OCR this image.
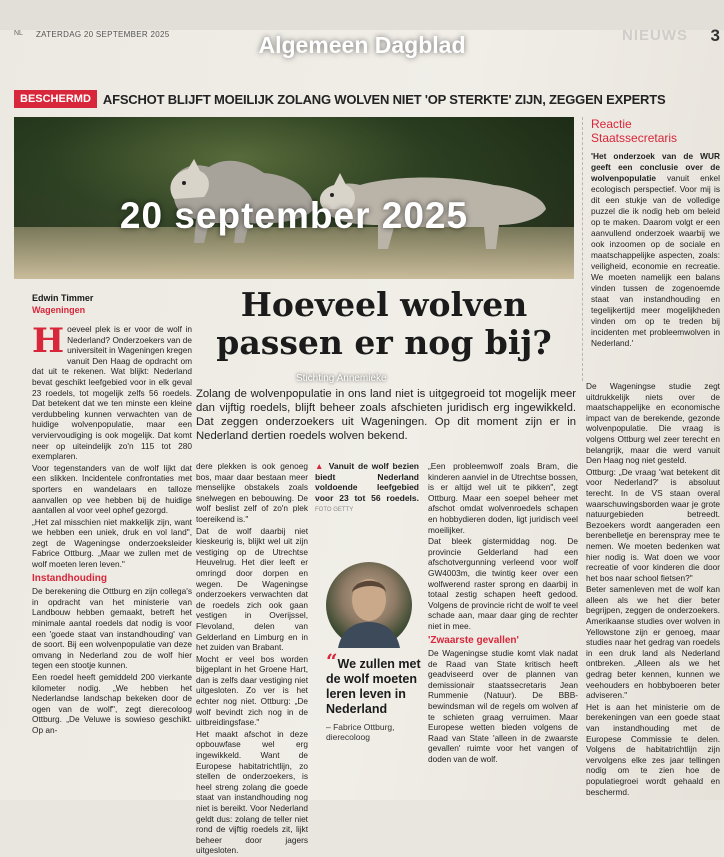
NL ZATERDAG 20 SEPTEMBER 2025	NIEUWS 3
Algemeen Dagblad
BESCHERMD AFSCHOT BLIJFT MOEILIJK ZOLANG WOLVEN NIET 'OP STERKTE' ZIJN, ZEGGEN EXPERTS
20 september 2025
Reactie
Staatssecretaris
'Het onderzoek van de WUR geeft een conclusie over de wolvenpopulatie vanuit enkel ecologisch perspectief. Voor mij is dit een stukje van de volledige puzzel die ik nodig heb om beleid op te maken. Daarom volgt er een aanvullend onderzoek waarbij we ook inzoomen op de sociale en maatschappelijke aspecten, zoals: veiligheid, economie en recreatie. We moeten namelijk een balans vinden tussen de zogenoemde staat van instandhouding en tegelijkertijd meer mogelijkheden vinden om op te treden bij incidenten met probleemwolven in Nederland.'
Edwin Timmer
Wageningen	Hoeveel wolven passen er nog bij?
Stichting Annemieke
Zolang de wolvenpopulatie in ons land niet is uitgegroeid tot mogelijk meer dan vijftig roedels, blijft beheer zoals afschieten juridisch erg ingewikkeld. Dat zeggen onderzoekers uit Wageningen. Op dit moment zijn er in Nederland dertien roedels wolven bekend.

Hoeveel plek is er voor de wolf in Nederland? Onderzoekers van de universiteit in Wageningen kregen vanuit Den Haag de opdracht om dat uit te rekenen. Wat blijkt: Nederland bevat geschikt leefgebied voor in elk geval 23 roedels, tot mogelijk zelfs 56 roedels. Dat betekent dat we ten minste een kleine verdubbeling kunnen verwachten van de huidige wolvenpopulatie, maar een verviervoudiging is ook mogelijk. Dat komt neer op uiteindelijk zo'n 115 tot 280 exemplaren.

Voor tegenstanders van de wolf lijkt dat een slikken. Incidentele confrontaties met sporters en wandelaars en talloze aanvallen op vee hebben bij de huidige aantallen al voor veel ophef gezorgd.

„Het zal misschien niet makkelijk zijn, want we hebben een uniek, druk en vol land", zegt de Wageningse onderzoeksleider Fabrice Ottburg. „Maar we zullen met de wolf moeten leren leven."

Instandhouding

De berekening die Ottburg en zijn collega's in opdracht van het ministerie van Landbouw hebben gemaakt, betreft het minimale aantal roedels dat nodig is voor een 'goede staat van instandhouding' van de soort. Bij een wolvenpopulatie van deze omvang in Nederland zou de wolf hier tegen een stootje kunnen.

Een roedel heeft gemiddeld 200 vierkante kilometer nodig. „We hebben het Nederlandse landschap bekeken door de ogen van de wolf", zegt dierecoloog Ottburg. „De Veluwe is sowieso geschikt. Op an-

dere plekken is ook genoeg bos, maar daar bestaan meer menselijke obstakels zoals snelwegen en bebouwing. De wolf beslist zelf of zo'n plek toereikend is."

Dat de wolf daarbij niet kieskeurig is, blijkt wel uit zijn vestiging op de Utrechtse Heuvelrug. Het dier leeft er omringd door dorpen en wegen. De Wageningse onderzoekers verwachten dat de roedels zich ook gaan vestigen in Overijssel, Flevoland, delen van Gelderland en Limburg en in het zuiden van Brabant.

Mocht er veel bos worden bijgeplant in het Groene Hart, dan is zelfs daar vestiging niet uitgesloten. Zo ver is het echter nog niet. Ottburg: „De wolf bevindt zich nog in de uitbreidingsfase."

Het maakt afschot in deze opbouwfase wel erg ingewikkeld. Want de Europese habitatrichtlijn, zo stellen de onderzoekers, is heel streng zolang die goede staat van instandhouding nog niet is bereikt. Voor Nederland geldt dus: zolang de teller niet rond de vijftig roedels zit, lijkt beheer door jagers uitgesloten.

▲ Vanuit de wolf bezien biedt Nederland voldoende leefgebied voor 23 tot 56 roedels. FOTO GETTY
“We zullen met de wolf moeten leren leven in Nederland
– Fabrice Ottburg, dierecoloog

„Een probleemwolf zoals Bram, die kinderen aanviel in de Utrechtse bossen, is er altijd wel uit te pikken", zegt Ottburg. Maar een soepel beheer met afschot omdat wolvenroedels schapen en hobbydieren doden, ligt juridisch veel moeilijker.

Dat bleek gistermiddag nog. De provincie Gelderland had een afschotvergunning verleend voor wolf GW4003m, die twintig keer over een wolfwerend raster sprong en daarbij in totaal zestig schapen heeft gedood. Volgens de provincie richt de wolf te veel schade aan, maar daar ging de rechter niet in mee.

'Zwaarste gevallen'

De Wageningse studie komt vlak nadat de Raad van State kritisch heeft geadviseerd over de plannen van demissionair staatssecretaris Jean Rummenie (Natuur). De BBB-bewindsman wil de regels om wolven af te schieten graag verruimen. Maar Europese wetten bieden volgens de Raad van State 'alleen in de zwaarste gevallen' ruimte voor het vangen of doden van de wolf.

De Wageningse studie zegt uitdrukkelijk niets over de maatschappelijke en economische impact van de berekende, gezonde wolvenpopulatie. Die vraag is volgens Ottburg wel zeer terecht en belangrijk, maar die werd vanuit Den Haag nog niet gesteld.

Ottburg: „De vraag 'wat betekent dit voor Nederland?' is absoluut terecht. In de VS staan overal waarschuwingsborden waar je grote natuurgebieden betreedt. Bezoekers wordt aangeraden een berenbelletje en berenspray mee te nemen. We moeten bedenken wat hier nodig is. Wat doen we voor recreatie of voor kinderen die door het bos naar school fietsen?"

Beter samenleven met de wolf kan alleen als we het dier beter begrijpen, zeggen de onderzoekers. Amerikaanse studies over wolven in Yellowstone zijn er genoeg, maar studies naar het gedrag van roedels in een druk land als Nederland ontbreken. „Alleen als we het gedrag beter kennen, kunnen we veehouders en hobbyboeren beter adviseren."

Het is aan het ministerie om de berekeningen van een goede staat van instandhouding met de Europese Commissie te delen. Volgens de habitatrichtlijn zijn vervolgens elke zes jaar tellingen nodig om te zien hoe de populatiegroei wordt gehaald en beschermd.
